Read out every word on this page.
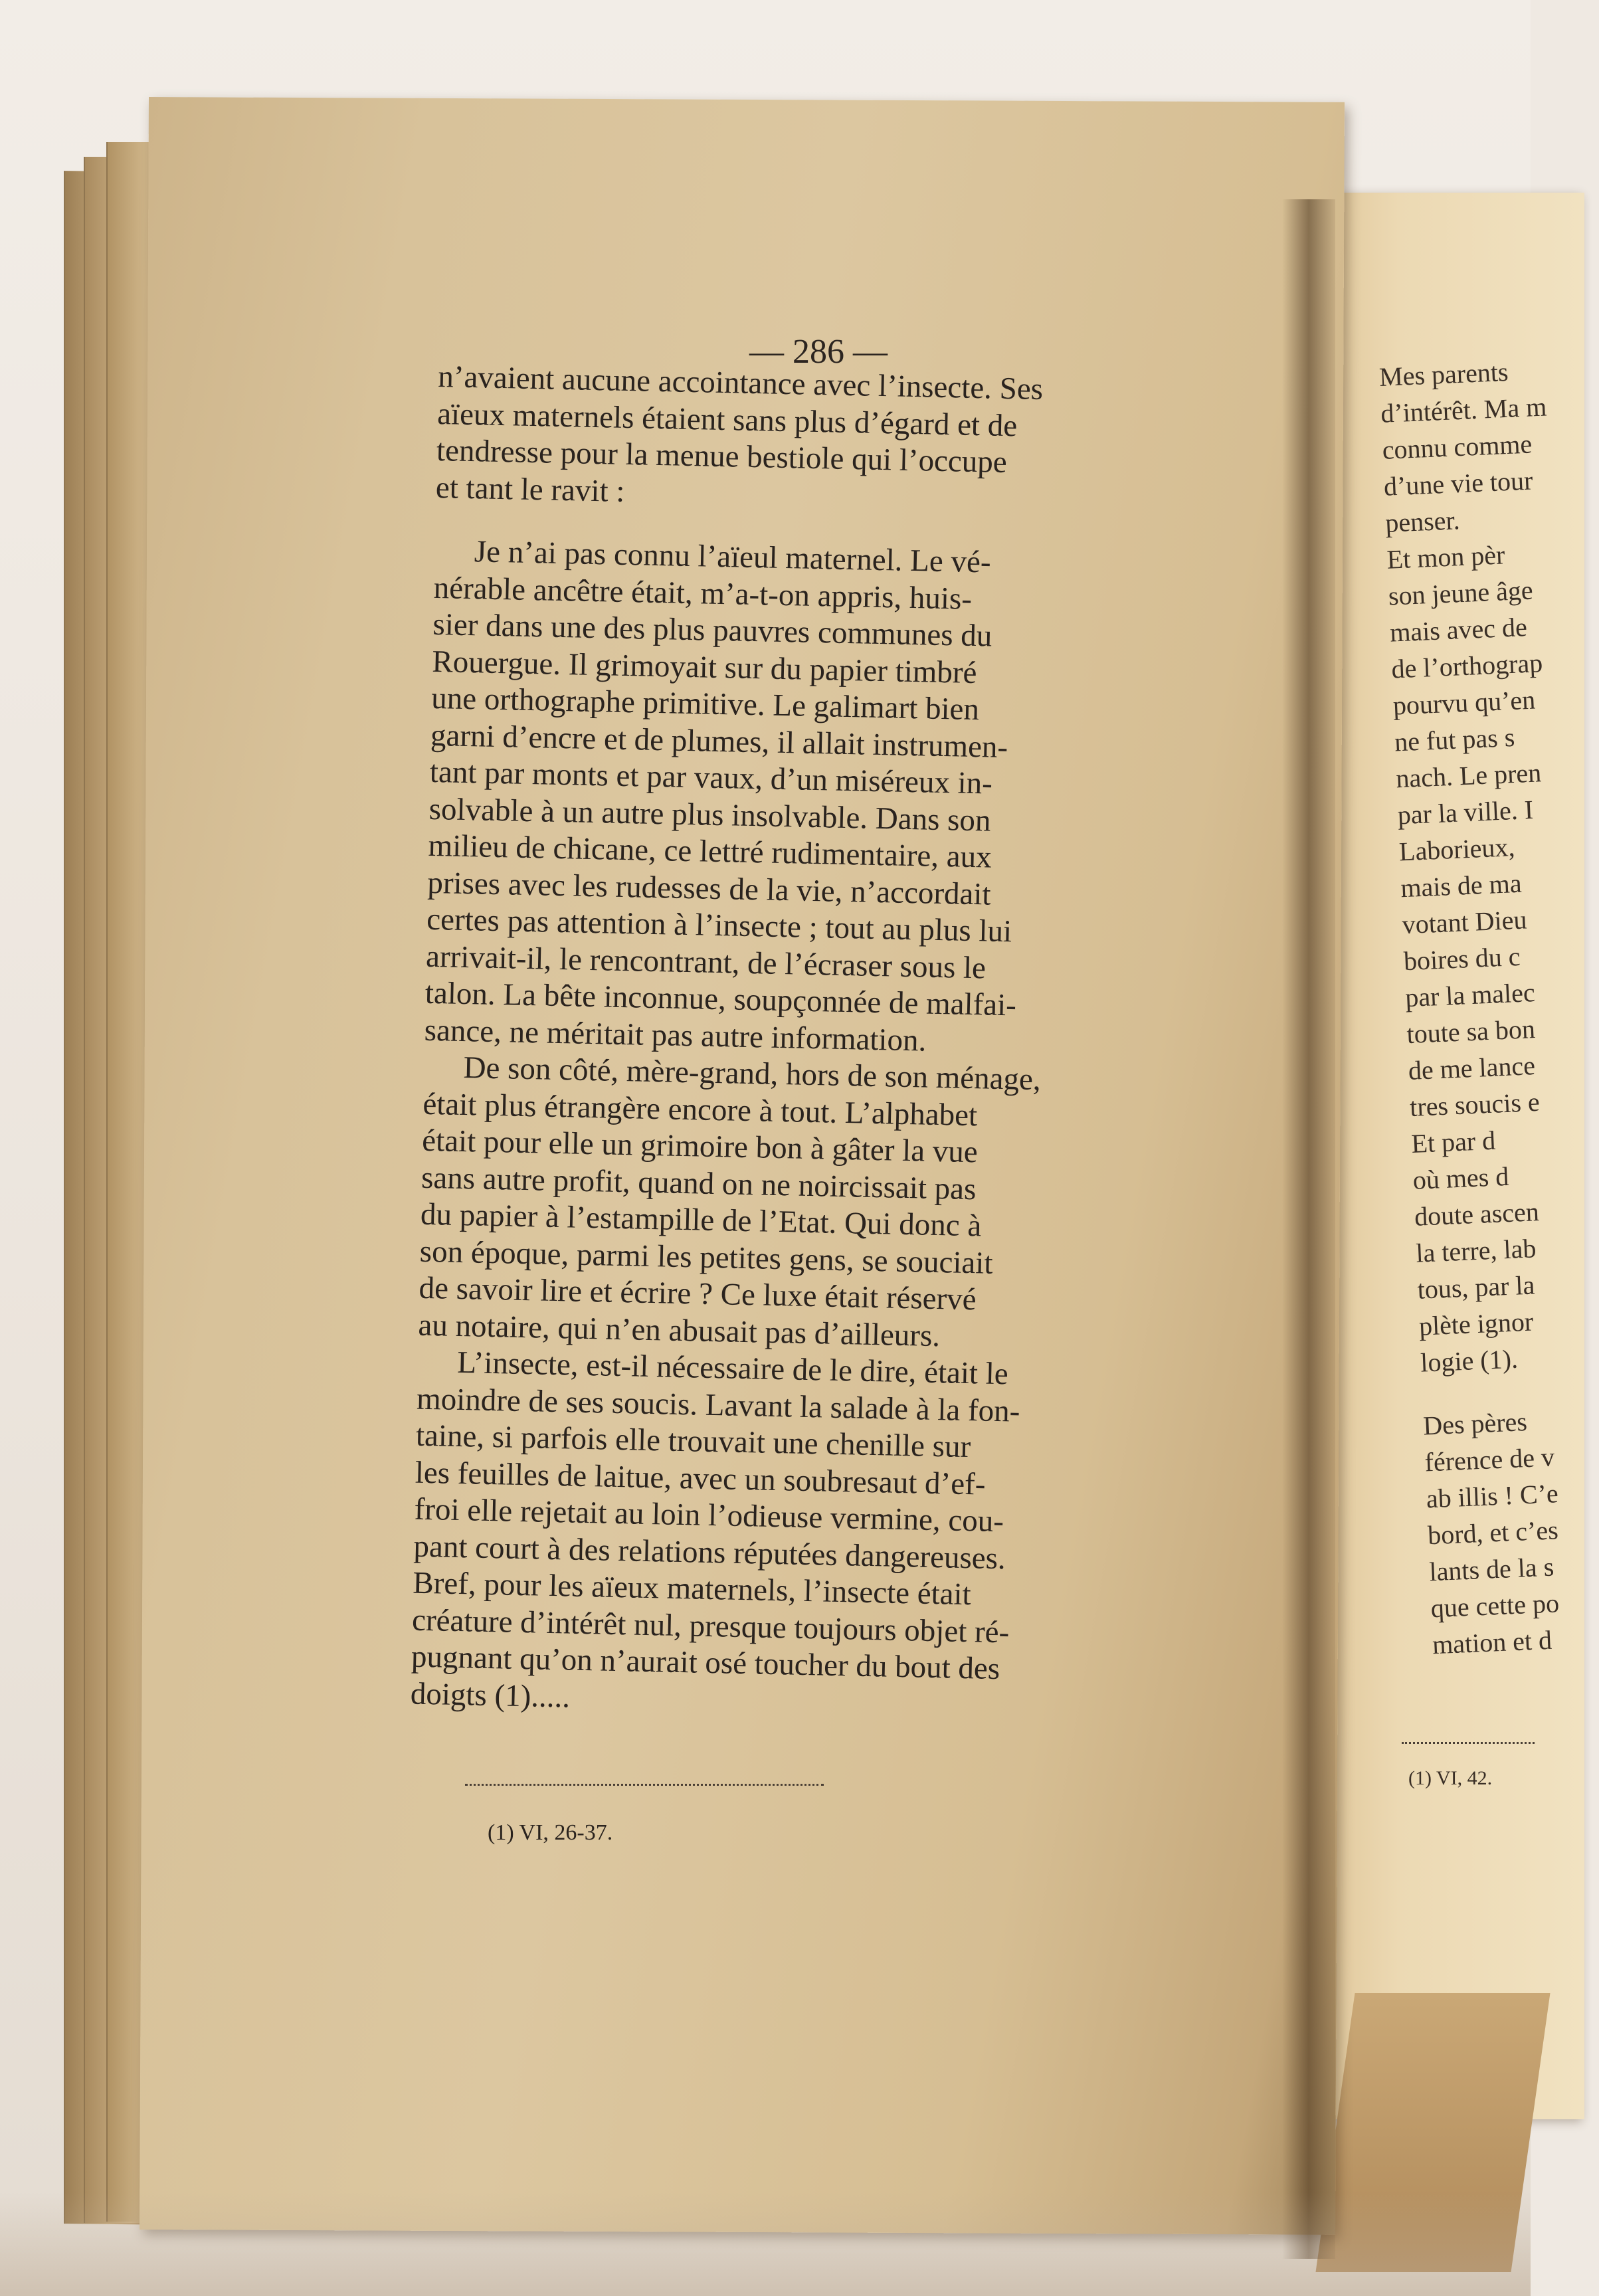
— 286 —
n’avaient aucune accointance avec l’insecte. Ses
aïeux maternels étaient sans plus d’égard et de
tendresse pour la menue bestiole qui l’occupe
et tant le ravit :
Je n’ai pas connu l’aïeul maternel. Le vé-
nérable ancêtre était, m’a-t-on appris, huis-
sier dans une des plus pauvres communes du
Rouergue. Il grimoyait sur du papier timbré
une orthographe primitive. Le galimart bien
garni d’encre et de plumes, il allait instrumen-
tant par monts et par vaux, d’un miséreux in-
solvable à un autre plus insolvable. Dans son
milieu de chicane, ce lettré rudimentaire, aux
prises avec les rudesses de la vie, n’accordait
certes pas attention à l’insecte ; tout au plus lui
arrivait-il, le rencontrant, de l’écraser sous le
talon. La bête inconnue, soupçonnée de malfai-
sance, ne méritait pas autre information.
De son côté, mère-grand, hors de son ménage,
était plus étrangère encore à tout. L’alphabet
était pour elle un grimoire bon à gâter la vue
sans autre profit, quand on ne noircissait pas
du papier à l’estampille de l’Etat. Qui donc à
son époque, parmi les petites gens, se souciait
de savoir lire et écrire ? Ce luxe était réservé
au notaire, qui n’en abusait pas d’ailleurs.
L’insecte, est-il nécessaire de le dire, était le
moindre de ses soucis. Lavant la salade à la fon-
taine, si parfois elle trouvait une chenille sur
les feuilles de laitue, avec un soubresaut d’ef-
froi elle rejetait au loin l’odieuse vermine, cou-
pant court à des relations réputées dangereuses.
Bref, pour les aïeux maternels, l’insecte était
créature d’intérêt nul, presque toujours objet ré-
pugnant qu’on n’aurait osé toucher du bout des
doigts (1).....
(1) VI, 26-37.
Mes parents
d’intérêt. Ma m
connu comme
d’une vie tour
penser.
Et mon pèr
son jeune âge
mais avec de
de l’orthograp
pourvu qu’en
ne fut pas s
nach. Le pren
par la ville. I
Laborieux,
mais de ma
votant Dieu
boires du c
par la malec
toute sa bon
de me lance
tres soucis e
Et par d
où mes d
doute ascen
la terre, lab
tous, par la
plète ignor
logie (1).
Des pères
férence de v
ab illis ! C’e
bord, et c’es
lants de la s
que cette po
mation et d
(1) VI, 42.
